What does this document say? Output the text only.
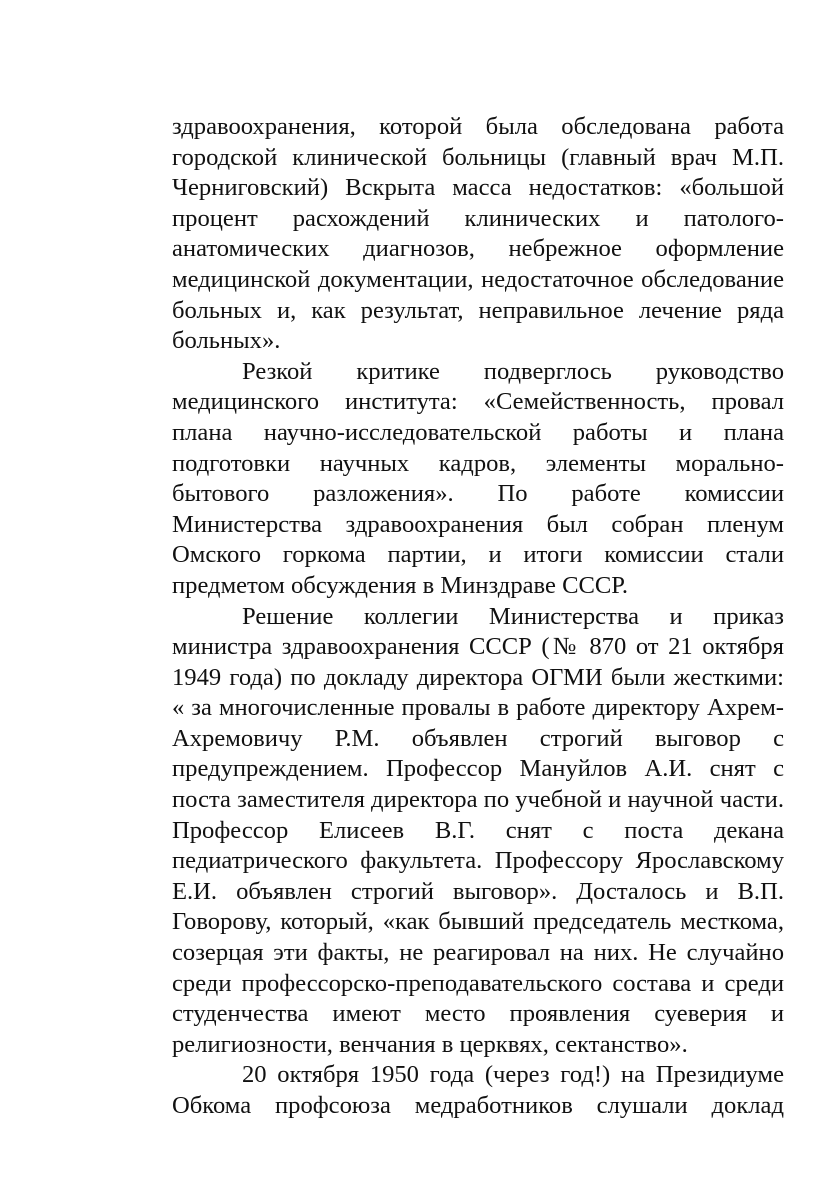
здравоохранения, которой была обследована работа городской клинической больницы (главный врач М.П. Черниговский) Вскрыта масса недостатков: «большой процент расхождений клинических и патолого-анатомических диагнозов, небрежное оформление медицинской документации, недостаточное обследование больных и, как результат, неправильное лечение ряда больных».

Резкой критике подверглось руководство медицинского института: «Семейственность, провал плана научно-исследовательской работы и плана подготовки научных кадров, элементы морально-бытового разложения». По работе комиссии Министерства здравоохранения был собран пленум Омского горкома партии, и итоги комиссии стали предметом обсуждения в Минздраве СССР.

Решение коллегии Министерства и приказ министра здравоохранения СССР (№ 870 от 21 октября 1949 года) по докладу директора ОГМИ были жесткими: « за многочисленные провалы в работе директору Ахрем-Ахремовичу Р.М. объявлен строгий выговор с предупреждением. Профессор Мануйлов А.И. снят с поста заместителя директора по учебной и научной части. Профессор Елисеев В.Г. снят с поста декана педиатрического факультета. Профессору Ярославскому Е.И. объявлен строгий выговор». Досталось и В.П. Говорову, который, «как бывший председатель месткома, созерцая эти факты, не реагировал на них. Не случайно среди профессорско-преподавательского состава и среди студенчества имеют место проявления суеверия и религиозности, венчания в церквях, сектанство».

20 октября 1950 года (через год!) на Президиуме Обкома профсоюза медработников слушали доклад
